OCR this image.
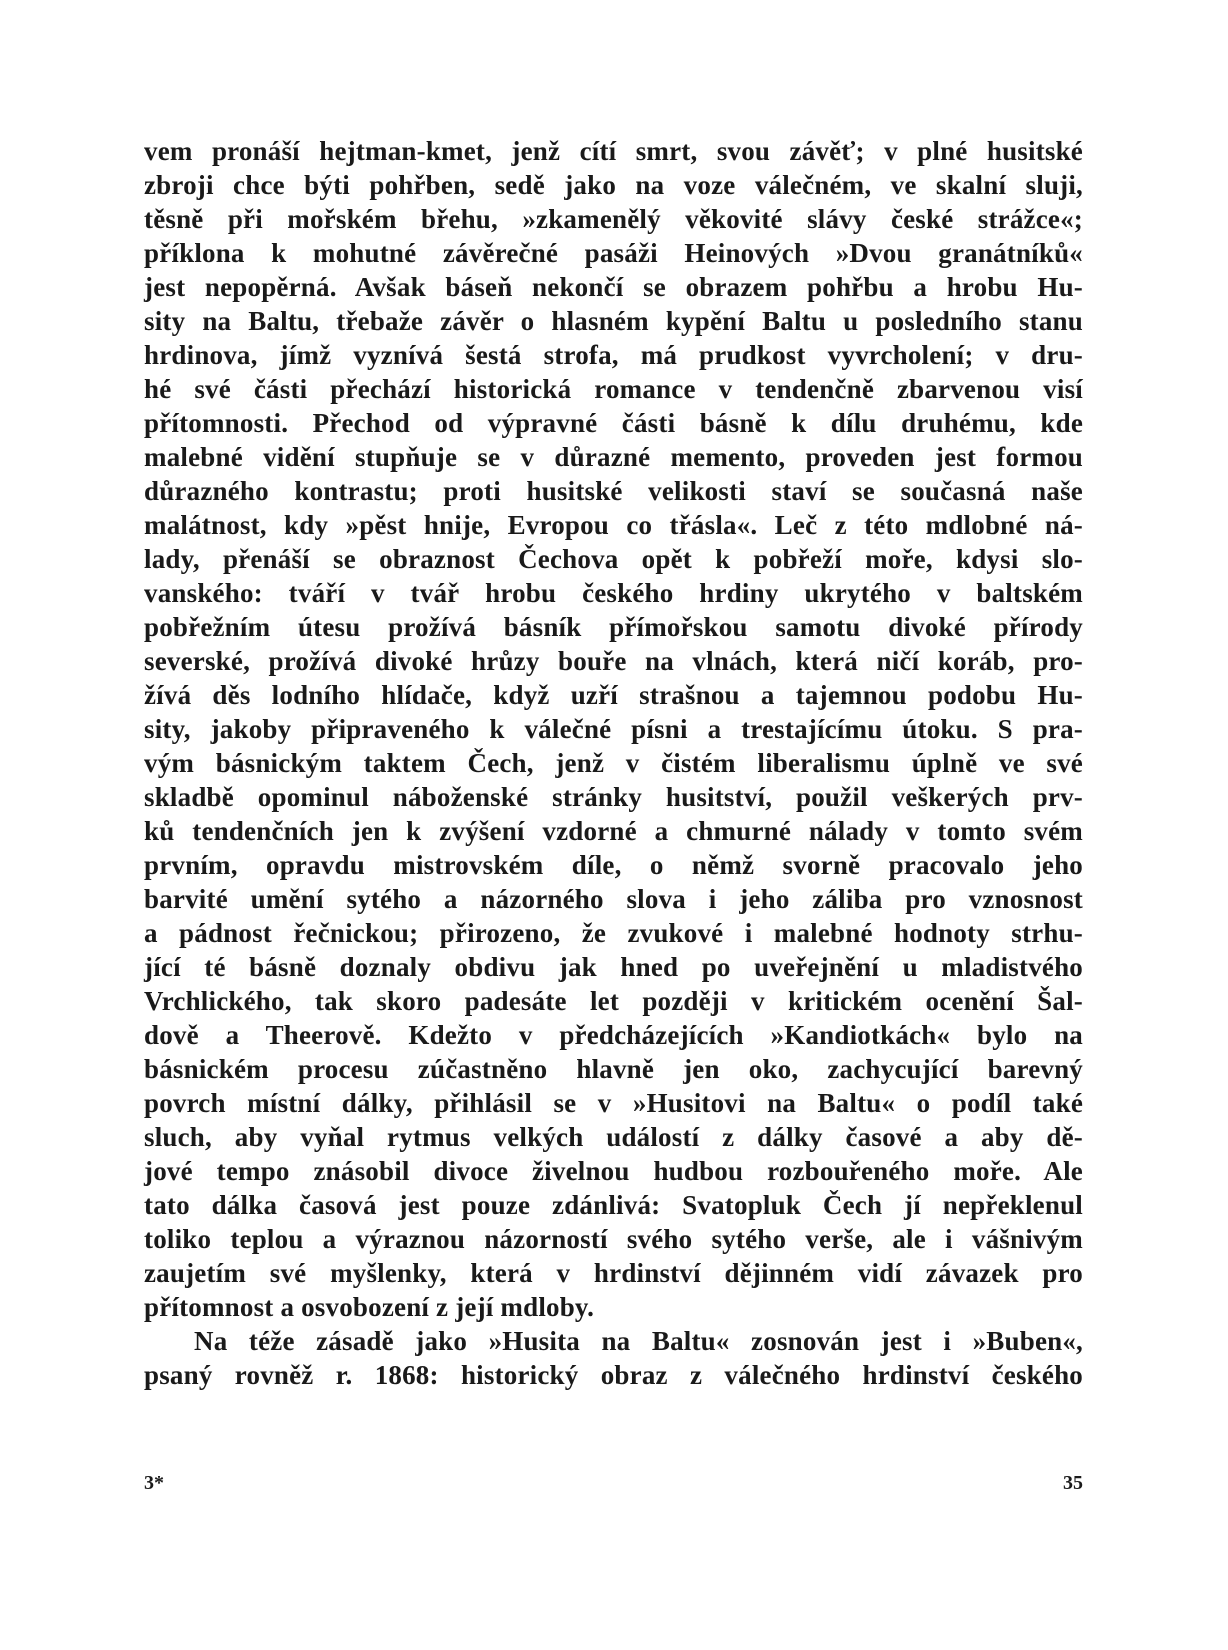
vem pronáší hejtman-kmet, jenž cítí smrt, svou závěť; v plné husitské
zbroji chce býti pohřben, sedě jako na voze válečném, ve skalní sluji,
těsně při mořském břehu, »zkamenělý věkovité slávy české strážce«;
příklona k mohutné závěrečné pasáži Heinových »Dvou granátníků«
jest nepopěrná. Avšak báseň nekončí se obrazem pohřbu a hrobu Hu-
sity na Baltu, třebaže závěr o hlasném kypění Baltu u posledního stanu
hrdinova, jímž vyznívá šestá strofa, má prudkost vyvrcholení; v dru-
hé své části přechází historická romance v tendenčně zbarvenou visí
přítomnosti. Přechod od výpravné části básně k dílu druhému, kde
malebné vidění stupňuje se v důrazné memento, proveden jest formou
důrazného kontrastu; proti husitské velikosti staví se současná naše
malátnost, kdy »pěst hnije, Evropou co třásla«. Leč z této mdlobné ná-
lady, přenáší se obraznost Čechova opět k pobřeží moře, kdysi slo-
vanského: tváří v tvář hrobu českého hrdiny ukrytého v baltském
pobřežním útesu prožívá básník přímořskou samotu divoké přírody
severské, prožívá divoké hrůzy bouře na vlnách, která ničí koráb, pro-
žívá děs lodního hlídače, když uzří strašnou a tajemnou podobu Hu-
sity, jakoby připraveného k válečné písni a trestajícímu útoku. S pra-
vým básnickým taktem Čech, jenž v čistém liberalismu úplně ve své
skladbě opominul náboženské stránky husitství, použil veškerých prv-
ků tendenčních jen k zvýšení vzdorné a chmurné nálady v tomto svém
prvním, opravdu mistrovském díle, o němž svorně pracovalo jeho
barvité umění sytého a názorného slova i jeho záliba pro vznosnost
a pádnost řečnickou; přirozeno, že zvukové i malebné hodnoty strhu-
jící té básně doznaly obdivu jak hned po uveřejnění u mladistvého
Vrchlického, tak skoro padesáte let později v kritickém ocenění Šal-
dově a Theerově. Kdežto v předcházejících »Kandiotkách« bylo na
básnickém procesu zúčastněno hlavně jen oko, zachycující barevný
povrch místní dálky, přihlásil se v »Husitovi na Baltu« o podíl také
sluch, aby vyňal rytmus velkých událostí z dálky časové a aby dě-
jové tempo znásobil divoce živelnou hudbou rozbouřeného moře. Ale
tato dálka časová jest pouze zdánlivá: Svatopluk Čech jí nepřeklenul
toliko teplou a výraznou názorností svého sytého verše, ale i vášnivým
zaujetím své myšlenky, která v hrdinství dějinném vidí závazek pro
přítomnost a osvobození z její mdloby.
Na téže zásadě jako »Husita na Baltu« zosnován jest i »Buben«,
psaný rovněž r. 1868: historický obraz z válečného hrdinství českého
3*	35
